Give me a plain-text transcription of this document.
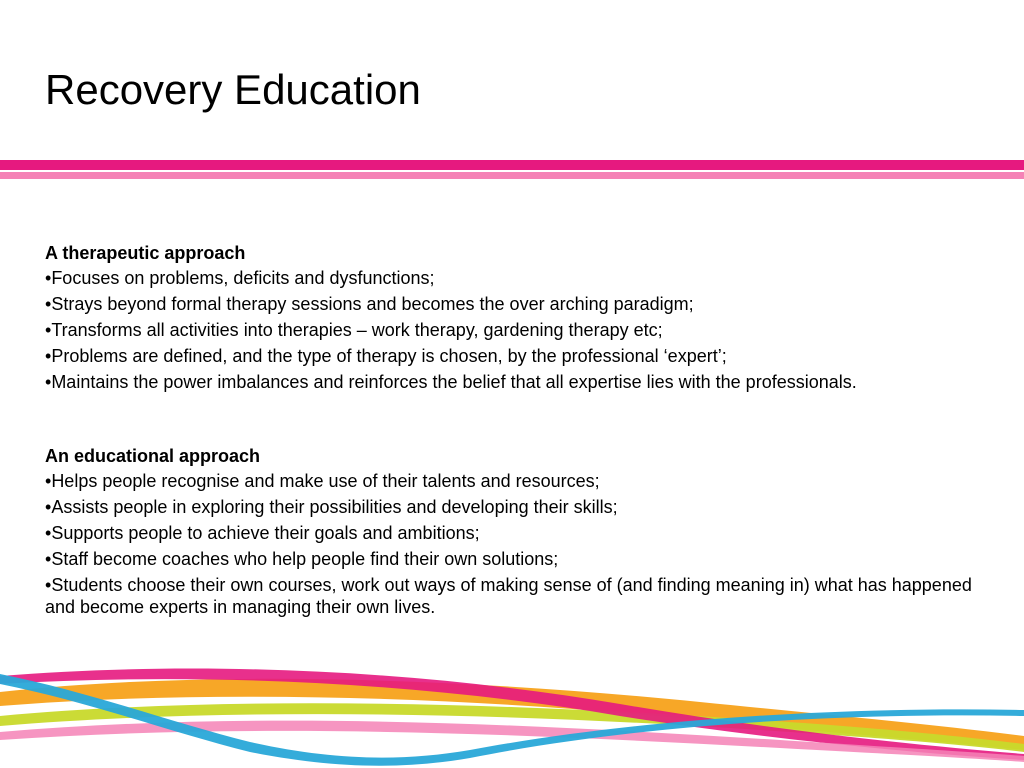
Recovery Education

A therapeutic approach

• Focuses on problems, deficits and dysfunctions;
• Strays beyond formal therapy sessions and becomes the over arching paradigm;
• Transforms all activities into therapies – work therapy, gardening therapy etc;
• Problems are defined, and the type of therapy is chosen, by the professional ‘expert’;
• Maintains the power imbalances and reinforces the belief that all expertise lies with the professionals.

An educational approach

• Helps people recognise and make use of their talents and resources;
• Assists people in exploring their possibilities and developing their skills;
• Supports people to achieve their goals and ambitions;
• Staff become coaches who help people find their own solutions;
• Students choose their own courses, work out ways of making sense of (and finding meaning in) what has happened and become experts in managing their own lives.
